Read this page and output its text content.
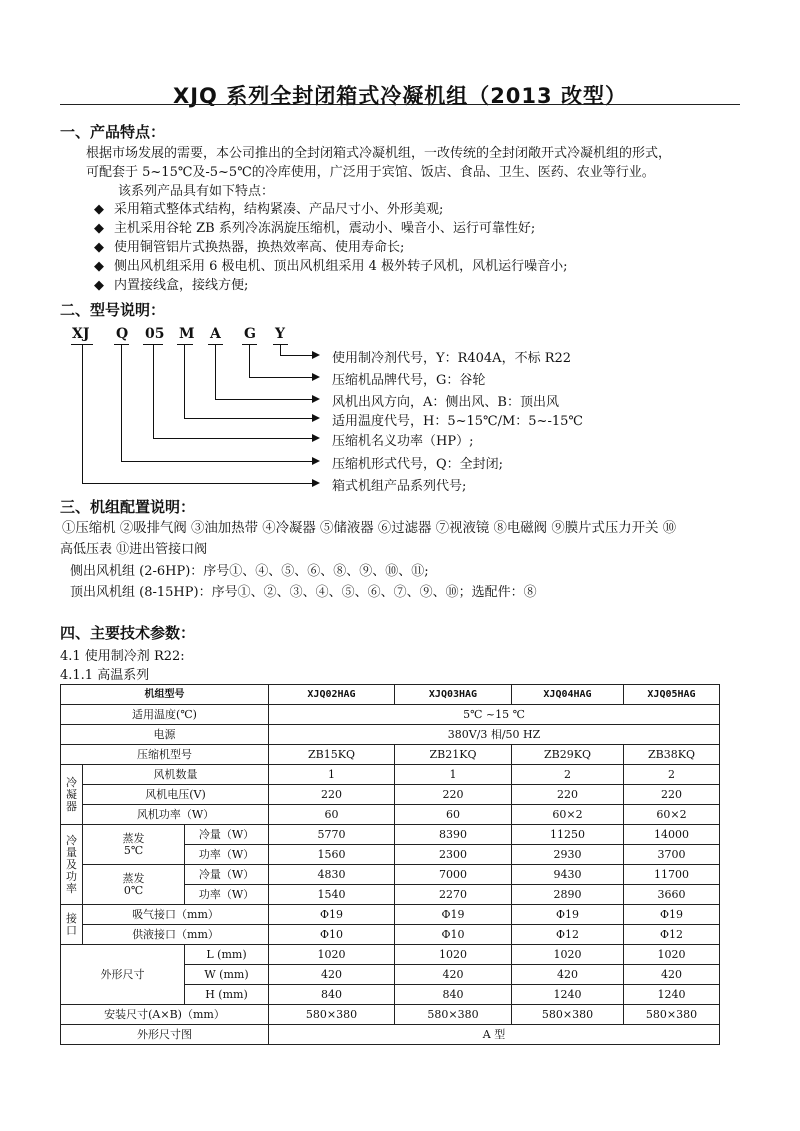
XJQ 系列全封闭箱式冷凝机组（2013 改型）
一、产品特点：
根据市场发展的需要，本公司推出的全封闭箱式冷凝机组，一改传统的全封闭敞开式冷凝机组的形式，
可配套于 5~15℃及-5~5℃的冷库使用，广泛用于宾馆、饭店、食品、卫生、医药、农业等行业。
该系列产品具有如下特点：
◆ 采用箱式整体式结构，结构紧凑、产品尺寸小、外形美观;
◆ 主机采用谷轮 ZB 系列冷冻涡旋压缩机，震动小、噪音小、运行可靠性好;
◆ 使用铜管铝片式换热器，换热效率高、使用寿命长;
◆ 侧出风机组采用 6 极电机、顶出风机组采用 4 极外转子风机，风机运行噪音小;
◆ 内置接线盒，接线方便;
二、型号说明：
XJ Q 05 M A G Y
使用制冷剂代号，Y：R404A，不标 R22
压缩机品牌代号，G：谷轮
风机出风方向，A：侧出风、B：顶出风
适用温度代号，H：5~15℃/M：5~-15℃
压缩机名义功率（HP）;
压缩机形式代号，Q：全封闭;
箱式机组产品系列代号;
三、机组配置说明：
①压缩机 ②吸排气阀 ③油加热带 ④冷凝器 ⑤储液器 ⑥过滤器 ⑦视液镜 ⑧电磁阀 ⑨膜片式压力开关 ⑩
高低压表 ⑪进出管接口阀
侧出风机组 (2-6HP)：序号①、④、⑤、⑥、⑧、⑨、⑩、⑪;
顶出风机组 (8-15HP)：序号①、②、③、④、⑤、⑥、⑦、⑨、⑩；选配件：⑧
四、主要技术参数：
4.1 使用制冷剂 R22:
4.1.1 高温系列
机组型号			XJQ02HAG	XJQ03HAG	XJQ04HAG	XJQ05HAG
适用温度(℃)			5℃ ~15 ℃			
电源			380V/3 相/50 HZ			
压缩机型号			ZB15KQ	ZB21KQ	ZB29KQ	ZB38KQ
冷
凝
器	风机数量		1	1	2	2
	风机电压(V)		220	220	220	220
	风机功率（W）		60	60	60×2	60×2
冷
量
及
功
率	蒸发
5℃	冷量（W）	5770	8390	11250	14000
		功率（W）	1560	2300	2930	3700
	蒸发
0℃	冷量（W）	4830	7000	9430	11700
		功率（W）	1540	2270	2890	3660
接
口	吸气接口（mm）		Φ19	Φ19	Φ19	Φ19
	供液接口（mm）		Φ10	Φ10	Φ12	Φ12
外形尺寸		L (mm)	1020	1020	1020	1020
		W (mm)	420	420	420	420
		H (mm)	840	840	1240	1240
安装尺寸(A×B)（mm）			580×380	580×380	580×380	580×380
外形尺寸图			A 型			
